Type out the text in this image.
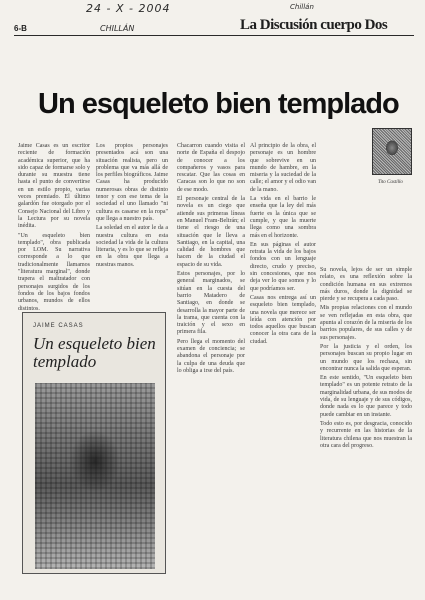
24 - X - 2004	Chillán
CHILLÁN
6-B	La Discusión cuerpo Dos
Un esqueleto bien templado
Tito Castillo

Jaime Casas es un escritor reciente de formación académica superior, que ha sido capaz de formarse solo y durante su muestra tiene hasta el punto de convertirse en un estilo propio, varias veces premiado. El último galardón fue otorgado por el Consejo Nacional del Libro y la Lectura por su novela inédita.

"Un esqueleto bien templado", obra publicada por LOM. Su narrativa corresponde a lo que tradicionalmente llamamos "literatura marginal", donde trapera el maltratador con personajes surgidos de los fondos de los bajos fondos urbanos, mundos de ellos distintos.

Los propios personajes presentados acá son una situación realista, pero un problema que va más allá de los perfiles biográficos. Jaime Casas ha producido numerosas obras de distinto tenor y con ese tema de la sociedad el uno llamado "ni cultura es casarse en la ropa" que llega a nuestro país.

La soledad en el autor le da a nuestra cultura en esta sociedad la vida de la cultura literaria, y es lo que se refleja en la obra que llega a nuestras manos.

Chacarron cuando visita el norte de España el despojo de conocer a los compañeros y vasos para rescatar. Que las cosas en Caracas son lo que no son de ese modo.

El personaje central de la novela es un ciego que atiende sus primeras líneas en Manuel Fram-Beltrán; el tiene el riesgo de una situación que le lleva a Santiago, en la capital, una calidad de hombres que hacen de la ciudad el espacio de su vida.

Estos personajes, por lo general marginados, se sitúan en la cuesta del barrio Matadero de Santiago, en donde se desarrolla la mayor parte de la trama, que cuenta con la traición y el sexo en primera fila.

Pero llega el momento del examen de conciencia; se abandona el personaje por la culpa de una deuda que lo obliga a irse del país.

Al principio de la obra, el personaje es un hombre que sobrevive en un mundo de hambre, en la miseria y la suciedad de la calle; el amor y el odio van de la mano.

La vida en el barrio le enseña que la ley del más fuerte es la única que se cumple, y que la muerte llega como una sombra más en el horizonte.

En sus páginas el autor retrata la vida de los bajos fondos con un lenguaje directo, crudo y preciso, sin concesiones, que nos deja ver lo que somos y lo que podríamos ser.

Casas nos entrega así un esqueleto bien templado, una novela que merece ser leída con atención por todos aquellos que buscan conocer la otra cara de la ciudad.

Su novela, lejos de ser un simple relato, es una reflexión sobre la condición humana en sus extremos más duros, donde la dignidad se pierde y se recupera a cada paso.

Mis propias relaciones con el mundo se ven reflejadas en esta obra, que apunta al corazón de la miseria de los barrios populares, de sus calles y de sus personajes.

Por la justicia y el orden, los personajes buscan su propio lugar en un mundo que los rechaza, sin encontrar nunca la salida que esperan.

En este sentido, "Un esqueleto bien templado" es un potente retrato de la marginalidad urbana, de sus modos de vida, de su lenguaje y de sus códigos, donde nada es lo que parece y todo puede cambiar en un instante.

Todo esto es, por desgracia, conocido y recurrente en las historias de la literatura chilena que nos muestran la otra cara del progreso.

JAIME CASAS
Un esqueleto bien templado
